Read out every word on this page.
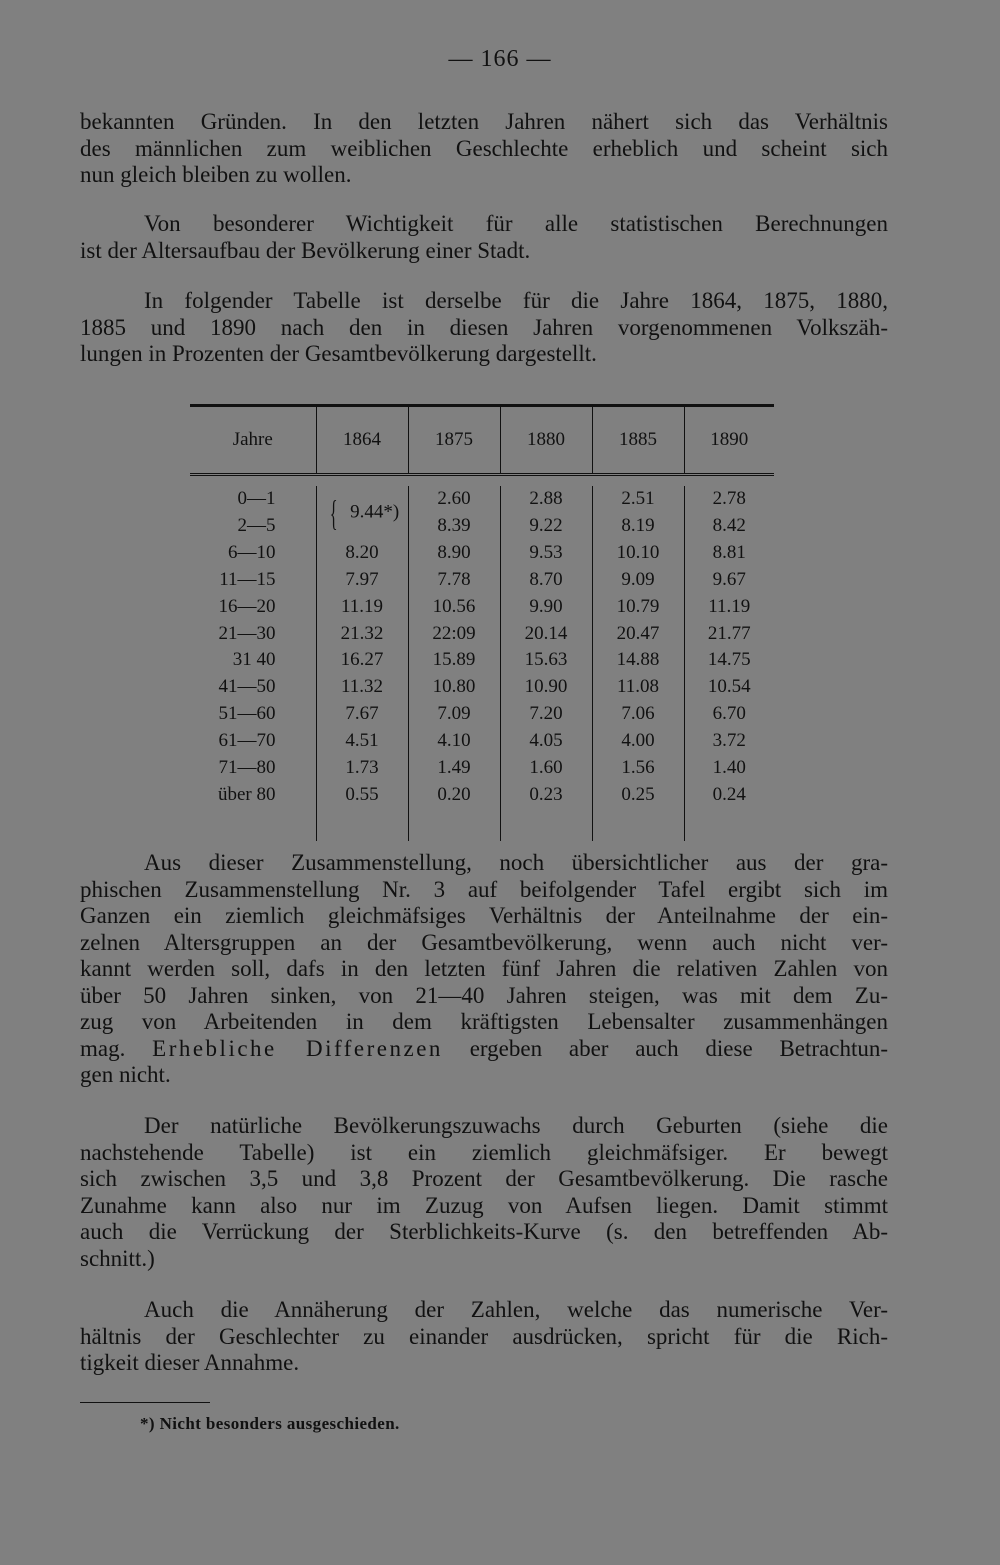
— 166 —

bekannten Gründen. In den letzten Jahren nähert sich das Verhältnis
des männlichen zum weiblichen Geschlechte erheblich und scheint sich
nun gleich bleiben zu wollen.

Von besonderer Wichtigkeit für alle statistischen Berechnungen
ist der Altersaufbau der Bevölkerung einer Stadt.

In folgender Tabelle ist derselbe für die Jahre 1864, 1875, 1880,
1885 und 1890 nach den in diesen Jahren vorgenommenen Volkszäh-
lungen in Prozenten der Gesamtbevölkerung dargestellt.

Jahre	1864	1875	1880	1885	1890

0—1	{ 9.44*)	2.60	2.88	2.51	2.78
2—5		8.39	9.22	8.19	8.42
6—10	8.20	8.90	9.53	10.10	8.81
11—15	7.97	7.78	8.70	9.09	9.67
16—20	11.19	10.56	9.90	10.79	11.19
21—30	21.32	22:09	20.14	20.47	21.77
31 40	16.27	15.89	15.63	14.88	14.75
41—50	11.32	10.80	10.90	11.08	10.54
51—60	7.67	7.09	7.20	7.06	6.70
61—70	4.51	4.10	4.05	4.00	3.72
71—80	1.73	1.49	1.60	1.56	1.40
über 80	0.55	0.20	0.23	0.25	0.24

Aus dieser Zusammenstellung, noch übersichtlicher aus der gra-
phischen Zusammenstellung Nr. 3 auf beifolgender Tafel ergibt sich im
Ganzen ein ziemlich gleichmäfsiges Verhältnis der Anteilnahme der ein-
zelnen Altersgruppen an der Gesamtbevölkerung, wenn auch nicht ver-
kannt werden soll, dafs in den letzten fünf Jahren die relativen Zahlen von
über 50 Jahren sinken, von 21—40 Jahren steigen, was mit dem Zu-
zug von Arbeitenden in dem kräftigsten Lebensalter zusammenhängen
mag. Erhebliche Differenzen ergeben aber auch diese Betrachtun-
gen nicht.

Der natürliche Bevölkerungszuwachs durch Geburten (siehe die
nachstehende Tabelle) ist ein ziemlich gleichmäfsiger. Er bewegt
sich zwischen 3,5 und 3,8 Prozent der Gesamtbevölkerung. Die rasche
Zunahme kann also nur im Zuzug von Aufsen liegen. Damit stimmt
auch die Verrückung der Sterblichkeits-Kurve (s. den betreffenden Ab-
schnitt.)

Auch die Annäherung der Zahlen, welche das numerische Ver-
hältnis der Geschlechter zu einander ausdrücken, spricht für die Rich-
tigkeit dieser Annahme.

*) Nicht besonders ausgeschieden.
